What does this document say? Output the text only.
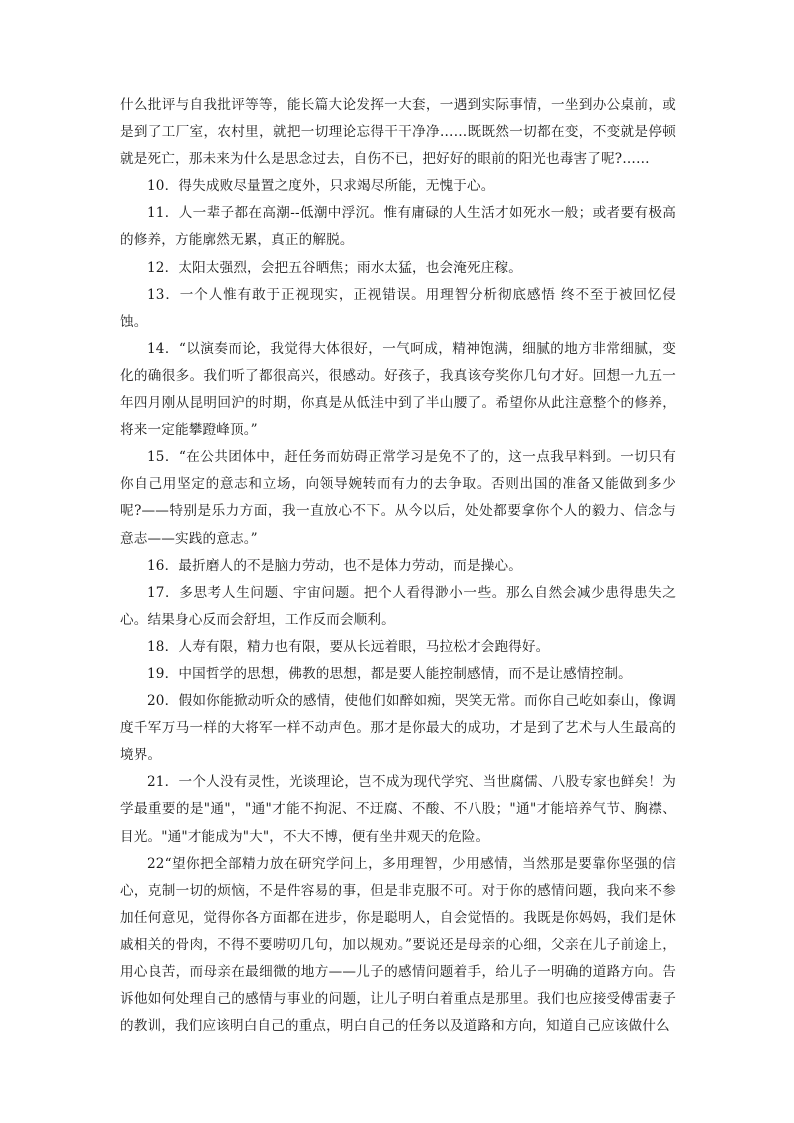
什么批评与自我批评等等，能长篇大论发挥一大套，一遇到实际事情，一坐到办公桌前，或是到了工厂室，农村里，就把一切理论忘得干干净净……既既然一切都在变，不变就是停顿就是死亡，那未来为什么是思念过去，自伤不已，把好好的眼前的阳光也毒害了呢?……

10．得失成败尽量置之度外，只求竭尽所能，无愧于心。

11．人一辈子都在高潮--低潮中浮沉。惟有庸碌的人生活才如死水一般；或者要有极高的修养，方能廓然无累，真正的解脱。

12．太阳太强烈，会把五谷晒焦；雨水太猛，也会淹死庄稼。

13．一个人惟有敢于正视现实，正视错误。用理智分析彻底感悟 终不至于被回忆侵蚀。

14．“以演奏而论，我觉得大体很好，一气呵成，精神饱满，细腻的地方非常细腻，变化的确很多。我们听了都很高兴，很感动。好孩子，我真该夸奖你几句才好。回想一九五一年四月刚从昆明回沪的时期，你真是从低洼中到了半山腰了。希望你从此注意整个的修养，将来一定能攀蹬峰顶。”

15．“在公共团体中，赶任务而妨碍正常学习是免不了的，这一点我早料到。一切只有你自己用坚定的意志和立场，向领导婉转而有力的去争取。否则出国的准备又能做到多少呢?——特别是乐力方面，我一直放心不下。从今以后，处处都要拿你个人的毅力、信念与意志——实践的意志。”

16．最折磨人的不是脑力劳动，也不是体力劳动，而是操心。

17．多思考人生问题、宇宙问题。把个人看得渺小一些。那么自然会减少患得患失之心。结果身心反而会舒坦，工作反而会顺利。

18．人寿有限，精力也有限，要从长远着眼，马拉松才会跑得好。

19．中国哲学的思想，佛教的思想，都是要人能控制感情，而不是让感情控制。

20．假如你能掀动听众的感情，使他们如醉如痴，哭笑无常。而你自己屹如泰山，像调度千军万马一样的大将军一样不动声色。那才是你最大的成功，才是到了艺术与人生最高的境界。

21．一个人没有灵性，光谈理论，岂不成为现代学究、当世腐儒、八股专家也鲜矣！为学最重要的是"通"，"通"才能不拘泥、不迂腐、不酸、不八股；"通"才能培养气节、胸襟、目光。"通"才能成为"大"，不大不博，便有坐井观天的危险。

22“望你把全部精力放在研究学问上，多用理智，少用感情，当然那是要靠你坚强的信心，克制一切的烦恼，不是件容易的事，但是非克服不可。对于你的感情问题，我向来不参加任何意见，觉得你各方面都在进步，你是聪明人，自会觉悟的。我既是你妈妈，我们是休戚相关的骨肉，不得不要唠叨几句，加以规劝。”要说还是母亲的心细，父亲在儿子前途上，用心良苦，而母亲在最细微的地方——儿子的感情问题着手，给儿子一明确的道路方向。告诉他如何处理自己的感情与事业的问题，让儿子明白着重点是那里。我们也应接受傅雷妻子的教训，我们应该明白自己的重点，明白自己的任务以及道路和方向，知道自己应该做什么
